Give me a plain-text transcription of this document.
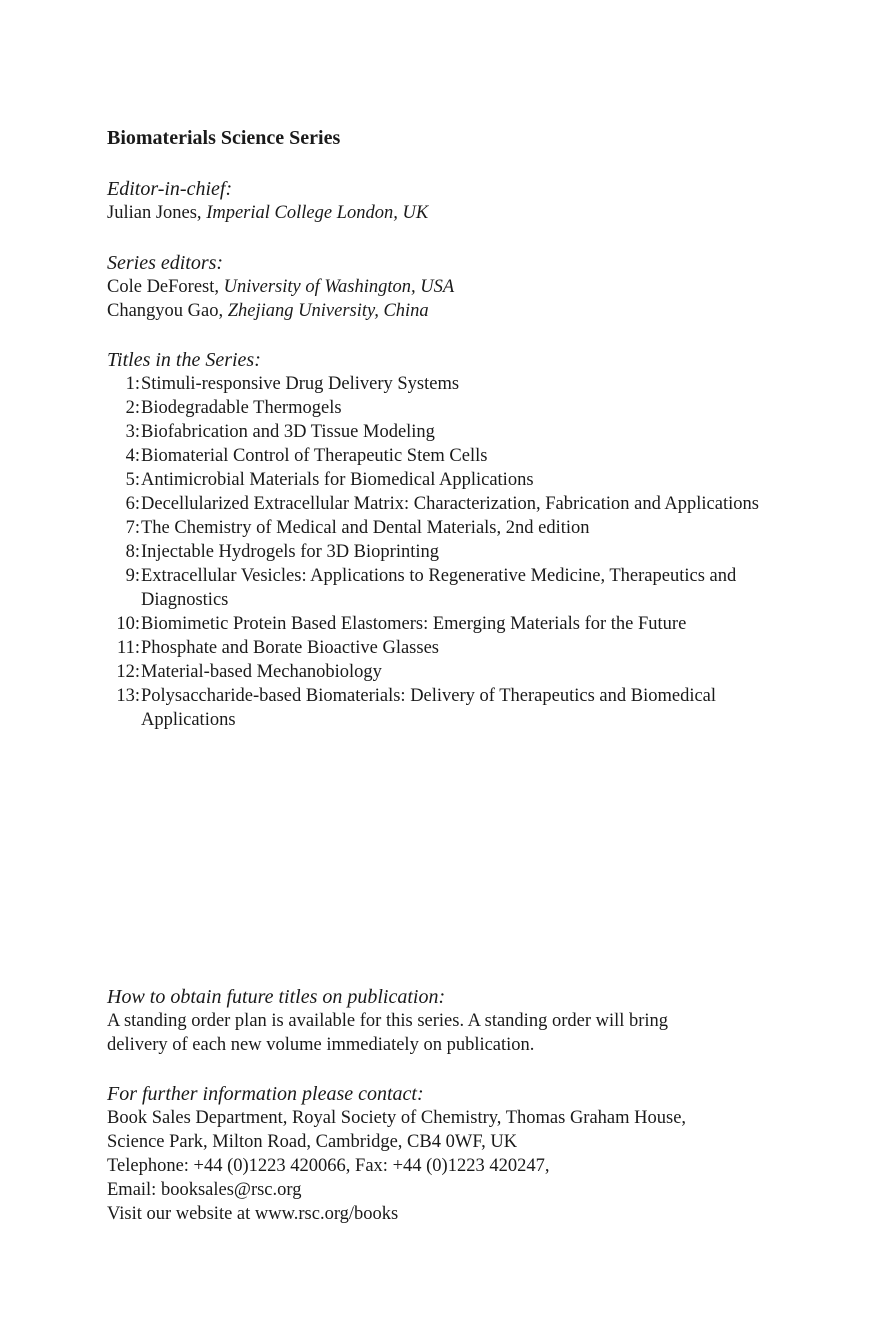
Biomaterials Science Series
Editor-in-chief:
Julian Jones, Imperial College London, UK
Series editors:
Cole DeForest, University of Washington, USA
Changyou Gao, Zhejiang University, China
Titles in the Series:
1: Stimuli-responsive Drug Delivery Systems
2: Biodegradable Thermogels
3: Biofabrication and 3D Tissue Modeling
4: Biomaterial Control of Therapeutic Stem Cells
5: Antimicrobial Materials for Biomedical Applications
6: Decellularized Extracellular Matrix: Characterization, Fabrication and Applications
7: The Chemistry of Medical and Dental Materials, 2nd edition
8: Injectable Hydrogels for 3D Bioprinting
9: Extracellular Vesicles: Applications to Regenerative Medicine, Therapeutics and Diagnostics
10: Biomimetic Protein Based Elastomers: Emerging Materials for the Future
11: Phosphate and Borate Bioactive Glasses
12: Material-based Mechanobiology
13: Polysaccharide-based Biomaterials: Delivery of Therapeutics and Biomedical Applications
How to obtain future titles on publication:
A standing order plan is available for this series. A standing order will bring
delivery of each new volume immediately on publication.
For further information please contact:
Book Sales Department, Royal Society of Chemistry, Thomas Graham House,
Science Park, Milton Road, Cambridge, CB4 0WF, UK
Telephone: +44 (0)1223 420066, Fax: +44 (0)1223 420247,
Email: booksales@rsc.org
Visit our website at www.rsc.org/books
